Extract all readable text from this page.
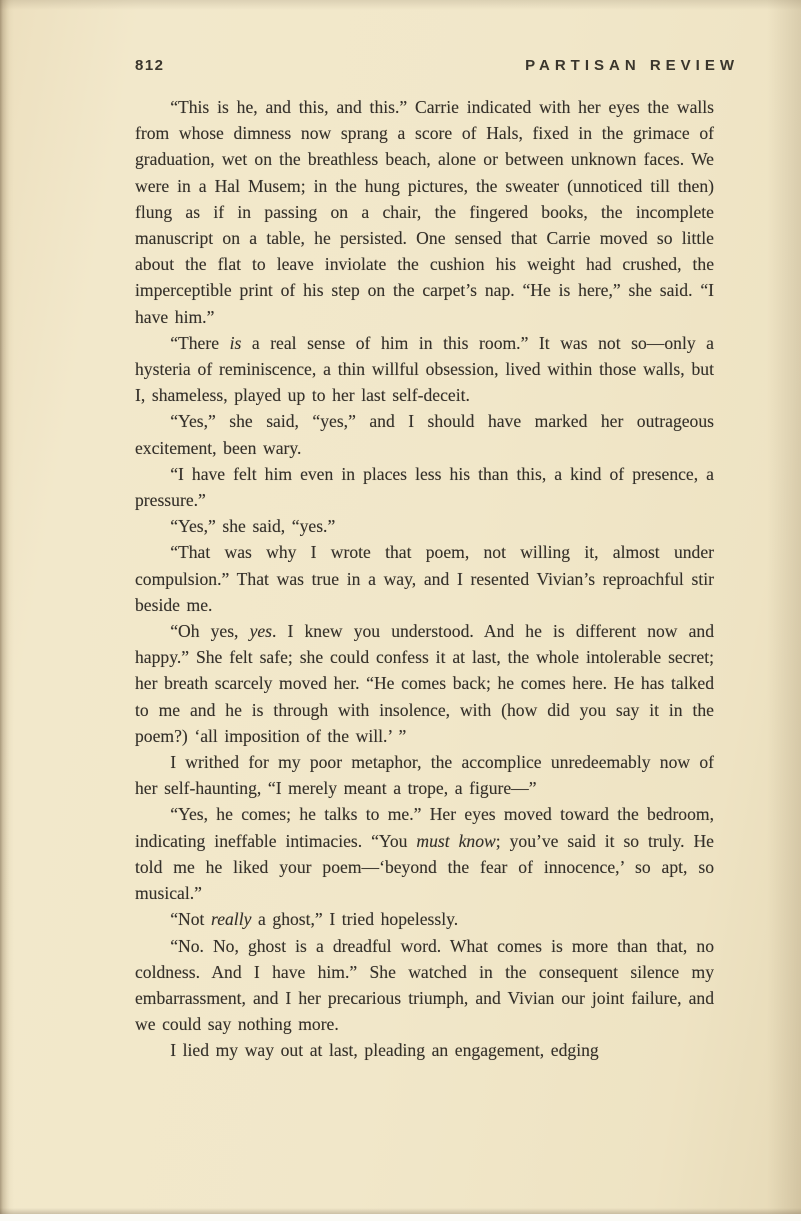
812	PARTISAN REVIEW

“This is he, and this, and this.” Carrie indicated with her eyes the walls from whose dimness now sprang a score of Hals, fixed in the grimace of graduation, wet on the breathless beach, alone or between unknown faces. We were in a Hal Musem; in the hung pictures, the sweater (unnoticed till then) flung as if in passing on a chair, the fingered books, the incomplete manuscript on a table, he persisted. One sensed that Carrie moved so little about the flat to leave inviolate the cushion his weight had crushed, the imperceptible print of his step on the carpet’s nap. “He is here,” she said. “I have him.”

“There is a real sense of him in this room.” It was not so—only a hysteria of reminiscence, a thin willful obsession, lived within those walls, but I, shameless, played up to her last self-deceit.

“Yes,” she said, “yes,” and I should have marked her outrageous excitement, been wary.

“I have felt him even in places less his than this, a kind of presence, a pressure.”

“Yes,” she said, “yes.”

“That was why I wrote that poem, not willing it, almost under compulsion.” That was true in a way, and I resented Vivian’s reproachful stir beside me.

“Oh yes, yes. I knew you understood. And he is different now and happy.” She felt safe; she could confess it at last, the whole intolerable secret; her breath scarcely moved her. “He comes back; he comes here. He has talked to me and he is through with insolence, with (how did you say it in the poem?) ‘all imposition of the will.’ ”

I writhed for my poor metaphor, the accomplice unredeemably now of her self-haunting, “I merely meant a trope, a figure—”

“Yes, he comes; he talks to me.” Her eyes moved toward the bedroom, indicating ineffable intimacies. “You must know; you’ve said it so truly. He told me he liked your poem—‘beyond the fear of innocence,’ so apt, so musical.”

“Not really a ghost,” I tried hopelessly.

“No. No, ghost is a dreadful word. What comes is more than that, no coldness. And I have him.” She watched in the consequent silence my embarrassment, and I her precarious triumph, and Vivian our joint failure, and we could say nothing more.

I lied my way out at last, pleading an engagement, edging
